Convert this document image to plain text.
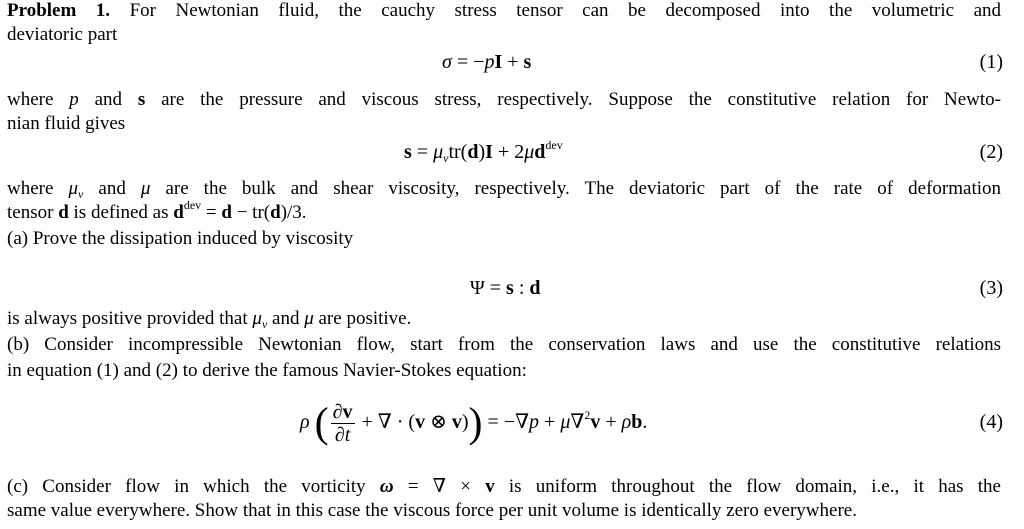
Problem 1. For Newtonian fluid, the cauchy stress tensor can be decomposed into the volumetric and
deviatoric part
σ = −pI + s	(1)
where p and s are the pressure and viscous stress, respectively. Suppose the constitutive relation for Newto-
nian fluid gives
$s = \mu_vtr(d)I + 2\mu d^{dev}$	(2)
where $\mu_v$ and μ are the bulk and shear viscosity, respectively. The deviatoric part of the rate of deformation
tensor d is defined as $d^{dev} = d - tr(d)/3$.
(a) Prove the dissipation induced by viscosity
Ψ = s : d	(3)
is always positive provided that $\mu_v$ and μ are positive.
(b) Consider incompressible Newtonian flow, start from the conservation laws and use the constitutive relations
in equation (1) and (2) to derive the famous Navier-Stokes equation:
ρ ( $\frac{\partial v}{\partial t}$ + ∇ · (v ⊗ v)) = −∇p + μ∇$^2$v + ρb.	(4)
(c) Consider flow in which the vorticity ω = ∇ × v is uniform throughout the flow domain, i.e., it has the
same value everywhere. Show that in this case the viscous force per unit volume is identically zero everywhere.
